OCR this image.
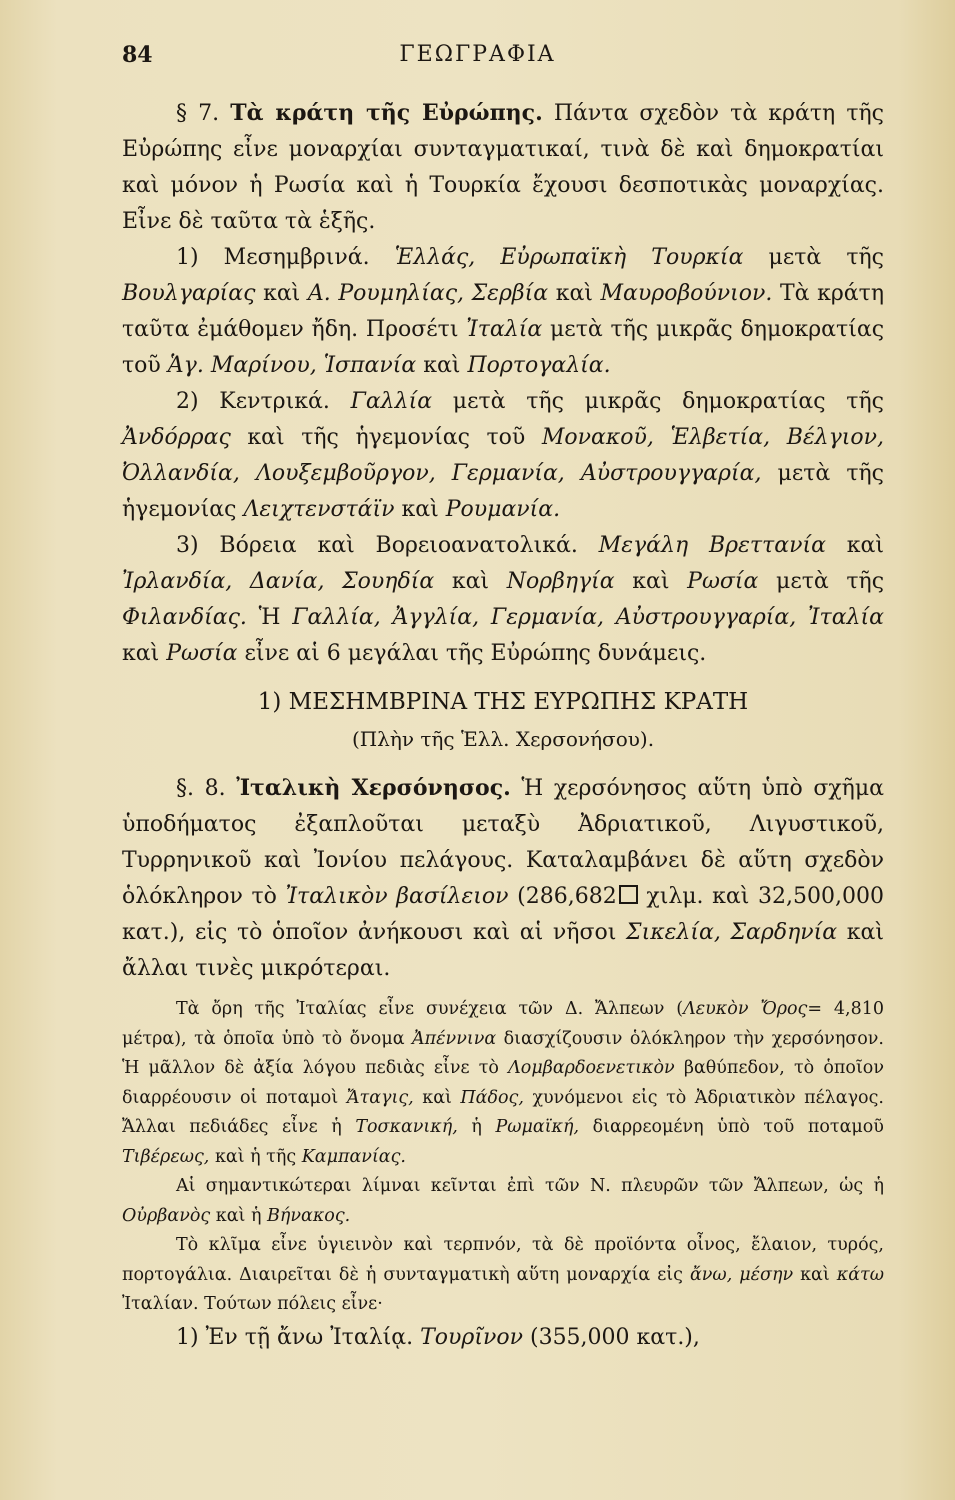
84	ΓΕΩΓΡΑΦΙΑ

§ 7. Τὰ κράτη τῆς Εὐρώπης. Πάντα σχεδὸν τὰ κράτη τῆς Εὐρώπης εἶνε μοναρχίαι συνταγματικαί, τινὰ δὲ καὶ δημοκρατίαι καὶ μόνον ἡ Ρωσία καὶ ἡ Τουρκία ἔχουσι δεσποτικὰς μοναρχίας. Εἶνε δὲ ταῦτα τὰ ἑξῆς.

1) Μεσημβρινά. Ἑλλάς, Εὐρωπαϊκὴ Τουρκία μετὰ τῆς Βουλγαρίας καὶ Α. Ρουμηλίας, Σερβία καὶ Μαυροβούνιον. Τὰ κράτη ταῦτα ἐμάθομεν ἤδη. Προσέτι Ἰταλία μετὰ τῆς μικρᾶς δημοκρατίας τοῦ Ἁγ. Μαρίνου, Ἱσπανία καὶ Πορτογαλία.

2) Κεντρικά. Γαλλία μετὰ τῆς μικρᾶς δημοκρατίας τῆς Ἀνδόρρας καὶ τῆς ἡγεμονίας τοῦ Μονακοῦ, Ἑλβετία, Βέλγιον, Ὀλλανδία, Λουξεμβοῦργον, Γερμανία, Αὐστρουγγαρία, μετὰ τῆς ἡγεμονίας Λειχτενστάϊν καὶ Ρουμανία.

3) Βόρεια καὶ Βορειοανατολικά. Μεγάλη Βρεττανία καὶ Ἰρλανδία, Δανία, Σουηδία καὶ Νορβηγία καὶ Ρωσία μετὰ τῆς Φιλανδίας. Ἡ Γαλλία, Ἀγγλία, Γερμανία, Αὐστρουγγαρία, Ἰταλία καὶ Ρωσία εἶνε αἱ 6 μεγάλαι τῆς Εὐρώπης δυνάμεις.

1) ΜΕΣΗΜΒΡΙΝΑ ΤΗΣ ΕΥΡΩΠΗΣ ΚΡΑΤΗ

(Πλὴν τῆς Ἑλλ. Χερσονήσου).

§. 8. Ἰταλικὴ Χερσόνησος. Ἡ χερσόνησος αὕτη ὑπὸ σχῆμα ὑποδήματος ἐξαπλοῦται μεταξὺ Ἀδριατικοῦ, Λιγυστικοῦ, Τυρρηνικοῦ καὶ Ἰονίου πελάγους. Καταλαμβάνει δὲ αὕτη σχεδὸν ὁλόκληρον τὸ Ἰταλικὸν βασίλειον (286,682 χιλμ. καὶ 32,500,000 κατ.), εἰς τὸ ὁποῖον ἀνήκουσι καὶ αἱ νῆσοι Σικελία, Σαρδηνία καὶ ἄλλαι τινὲς μικρότεραι.

Τὰ ὄρη τῆς Ἰταλίας εἶνε συνέχεια τῶν Δ. Ἄλπεων (Λευκὸν Ὄρος= 4,810 μέτρα), τὰ ὁποῖα ὑπὸ τὸ ὄνομα Ἀπέννινα διασχίζουσιν ὁλόκληρον τὴν χερσόνησον. Ἡ μᾶλλον δὲ ἀξία λόγου πεδιὰς εἶνε τὸ Λομβαρδοενετικὸν βαθύπεδον, τὸ ὁποῖον διαρρέουσιν οἱ ποταμοὶ Ἄταγις, καὶ Πάδος, χυνόμενοι εἰς τὸ Ἀδριατικὸν πέλαγος. Ἄλλαι πεδιάδες εἶνε ἡ Τοσκανική, ἡ Ρωμαϊκή, διαρρεομένη ὑπὸ τοῦ ποταμοῦ Τιβέρεως, καὶ ἡ τῆς Καμπανίας.

Αἱ σημαντικώτεραι λίμναι κεῖνται ἐπὶ τῶν Ν. πλευρῶν τῶν Ἄλπεων, ὡς ἡ Οὐρβανὸς καὶ ἡ Βήνακος.

Τὸ κλῖμα εἶνε ὑγιεινὸν καὶ τερπνόν, τὰ δὲ προϊόντα οἶνος, ἔλαιον, τυρός, πορτογάλια. Διαιρεῖται δὲ ἡ συνταγματικὴ αὕτη μοναρχία εἰς ἄνω, μέσην καὶ κάτω Ἰταλίαν. Τούτων πόλεις εἶνε·

1) Ἐν τῇ ἄνω Ἰταλίᾳ. Τουρῖνον (355,000 κατ.),
